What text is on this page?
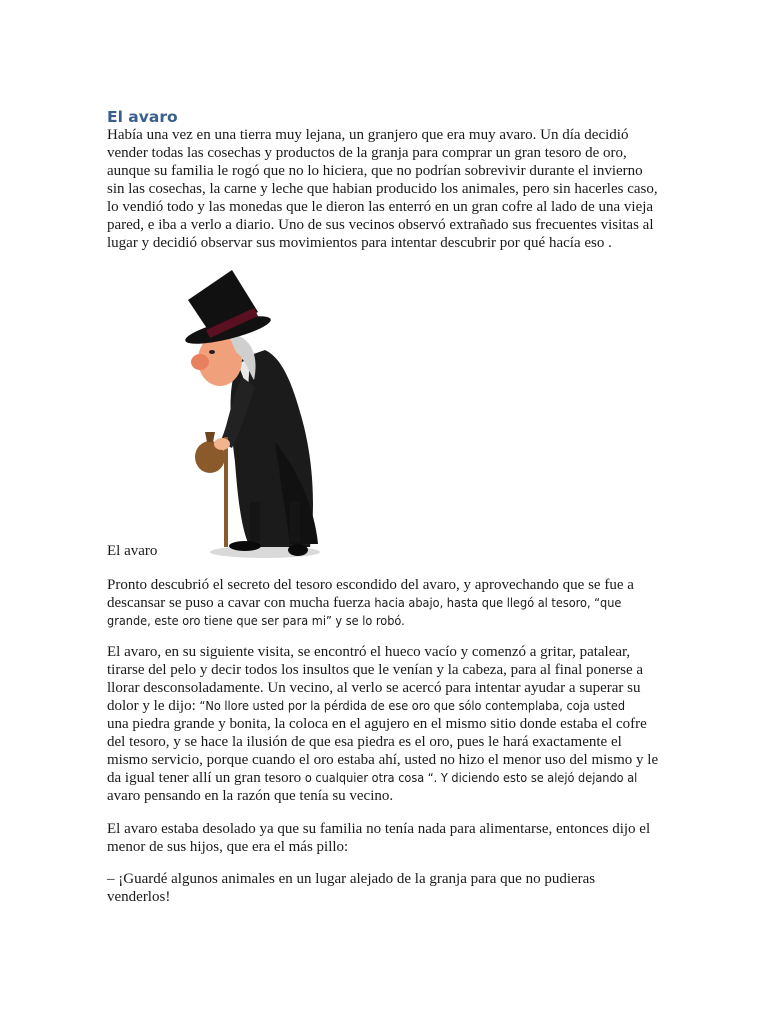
El avaro
Había una vez en una tierra muy lejana, un granjero que era muy avaro. Un día decidió
vender todas las cosechas y productos de la granja para comprar un gran tesoro de oro,
aunque su familia le rogó que no lo hiciera, que no podrían sobrevivir durante el invierno
sin las cosechas, la carne y leche que habian producido los animales, pero sin hacerles caso,
lo vendió todo y las monedas que le dieron las enterró en un gran cofre al lado de una vieja
pared, e iba a verlo a diario. Uno de sus vecinos observó extrañado sus frecuentes visitas al
lugar y decidió observar sus movimientos para intentar descubrir por qué hacía eso .
El avaro
Pronto descubrió el secreto del tesoro escondido del avaro, y aprovechando que se fue a
descansar se puso a cavar con mucha fuerza hacia abajo, hasta que llegó al tesoro, “que
grande, este oro tiene que ser para mi” y se lo robó.
El avaro, en su siguiente visita, se encontró el hueco vacío y comenzó a gritar, patalear,
tirarse del pelo y decir todos los insultos que le venían y la cabeza, para al final ponerse a
llorar desconsoladamente. Un vecino, al verlo se acercó para intentar ayudar a superar su
dolor y le dijo: “No llore usted por la pérdida de ese oro que sólo contemplaba, coja usted
una piedra grande y bonita, la coloca en el agujero en el mismo sitio donde estaba el cofre
del tesoro, y se hace la ilusión de que esa piedra es el oro, pues le hará exactamente el
mismo servicio, porque cuando el oro estaba ahí, usted no hizo el menor uso del mismo y le
da igual tener allí un gran tesoro o cualquier otra cosa “. Y diciendo esto se alejó dejando al
avaro pensando en la razón que tenía su vecino.
El avaro estaba desolado ya que su familia no tenía nada para alimentarse, entonces dijo el
menor de sus hijos, que era el más pillo:
– ¡Guardé algunos animales en un lugar alejado de la granja para que no pudieras
venderlos!
